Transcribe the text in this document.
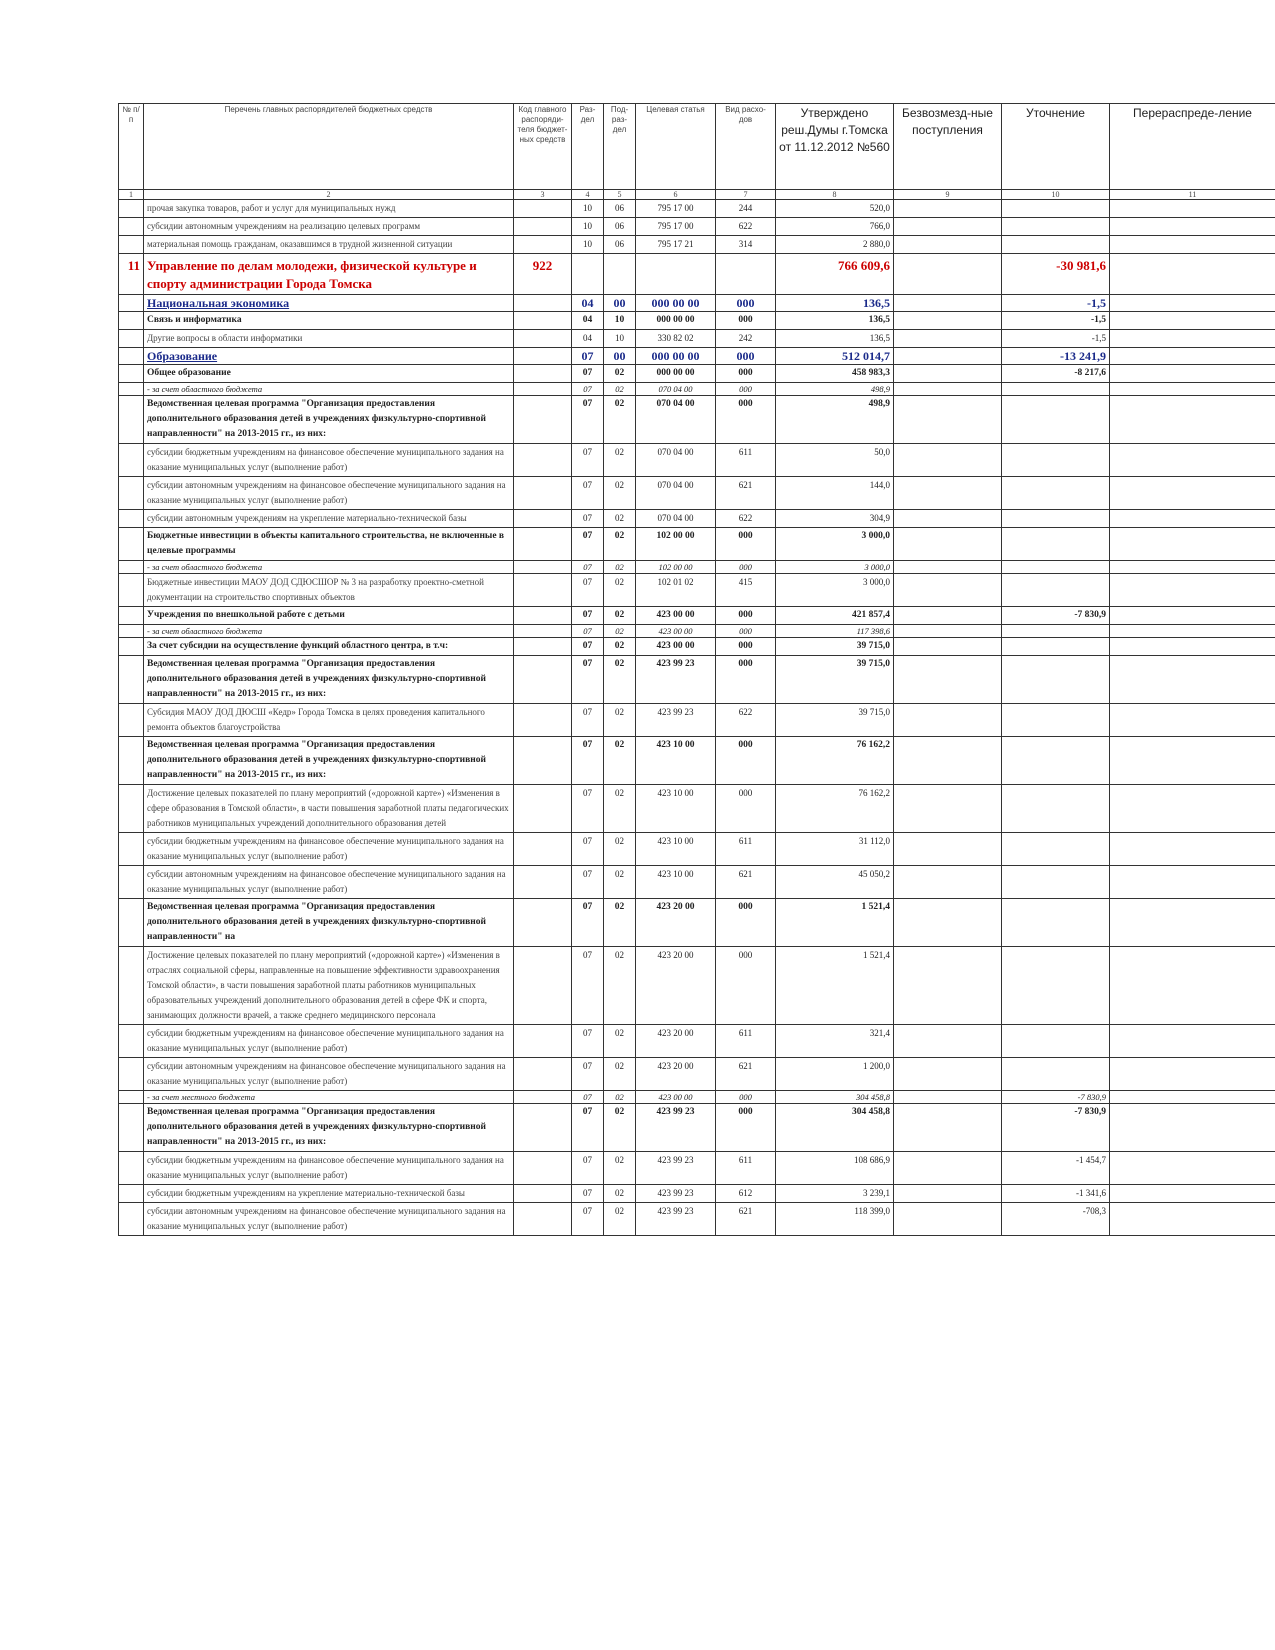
№ п/п	Перечень главных распорядителей бюджетных средств	Код главного распоряди-теля бюджет-ных средств	Раз-дел	Под-раз-дел	Целевая статья	Вид расхо-дов	Утверждено реш.Думы г.Томска от 11.12.2012 №560	Безвозмезд-ные поступления	Уточнение	Перераспреде-ление
1	2	3	4	5	6	7	8	9	10	11
	прочая закупка товаров, работ и услуг для муниципальных нужд		10	06	795 17 00	244	520,0			
	субсидии автономным учреждениям на реализацию целевых программ		10	06	795 17 00	622	766,0			
	материальная помощь гражданам, оказавшимся в трудной жизненной ситуации		10	06	795 17 21	314	2 880,0			
11	Управление по делам молодежи, физической культуре и спорту администрации Города Томска	922					766 609,6		-30 981,6	
	Национальная экономика		04	00	000 00 00	000	136,5		-1,5	
	Связь и информатика		04	10	000 00 00	000	136,5		-1,5	
	Другие вопросы в области информатики		04	10	330 82 02	242	136,5		-1,5	
	Образование		07	00	000 00 00	000	512 014,7		-13 241,9	
	Общее образование		07	02	000 00 00	000	458 983,3		-8 217,6	
	- за счет областного бюджета		07	02	070 04 00	000	498,9			
	Ведомственная целевая программа "Организация предоставления дополнительного образования детей в учреждениях физкультурно-спортивной направленности" на 2013-2015 гг., из них:		07	02	070 04 00	000	498,9			
	субсидии бюджетным учреждениям на финансовое обеспечение муниципального задания на оказание муниципальных услуг (выполнение работ)		07	02	070 04 00	611	50,0			
	субсидии автономным учреждениям на финансовое обеспечение муниципального задания на оказание муниципальных услуг (выполнение работ)		07	02	070 04 00	621	144,0			
	субсидии автономным учреждениям на укрепление материально-технической базы		07	02	070 04 00	622	304,9			
	Бюджетные инвестиции в объекты капитального строительства, не включенные в целевые программы		07	02	102 00 00	000	3 000,0			
	- за счет областного бюджета		07	02	102 00 00	000	3 000,0			
	Бюджетные инвестиции МАОУ ДОД СДЮСШОР № 3 на разработку проектно-сметной документации на строительство спортивных объектов		07	02	102 01 02	415	3 000,0			
	Учреждения по внешкольной работе с детьми		07	02	423 00 00	000	421 857,4		-7 830,9	
	- за счет областного бюджета		07	02	423 00 00	000	117 398,6			
	За счет субсидии на осуществление функций областного центра, в т.ч:		07	02	423 00 00	000	39 715,0			
	Ведомственная целевая программа "Организация предоставления дополнительного образования детей в учреждениях физкультурно-спортивной направленности" на 2013-2015 гг., из них:		07	02	423 99 23	000	39 715,0			
	Субсидия МАОУ ДОД ДЮСШ «Кедр» Города Томска в целях проведения капитального ремонта объектов благоустройства		07	02	423 99 23	622	39 715,0			
	Ведомственная целевая программа "Организация предоставления дополнительного образования детей в учреждениях физкультурно-спортивной направленности" на 2013-2015 гг., из них:		07	02	423 10 00	000	76 162,2			
	Достижение целевых показателей по плану мероприятий («дорожной карте») «Изменения в сфере образования в Томской области», в части повышения заработной платы педагогических работников муниципальных учреждений дополнительного образования детей		07	02	423 10 00	000	76 162,2			
	субсидии бюджетным учреждениям на финансовое обеспечение муниципального задания на оказание муниципальных услуг (выполнение работ)		07	02	423 10 00	611	31 112,0			
	субсидии автономным учреждениям на финансовое обеспечение муниципального задания на оказание муниципальных услуг (выполнение работ)		07	02	423 10 00	621	45 050,2			
	Ведомственная целевая программа "Организация предоставления дополнительного образования детей в учреждениях физкультурно-спортивной направленности" на		07	02	423 20 00	000	1 521,4			
	Достижение целевых показателей по плану мероприятий («дорожной карте») «Изменения в отраслях социальной сферы, направленные на повышение эффективности здравоохранения Томской области», в части повышения заработной платы работников муниципальных образовательных учреждений дополнительного образования детей в сфере ФК и спорта, занимающих должности врачей, а также среднего медицинского персонала		07	02	423 20 00	000	1 521,4			
	субсидии бюджетным учреждениям на финансовое обеспечение муниципального задания на оказание муниципальных услуг (выполнение работ)		07	02	423 20 00	611	321,4			
	субсидии автономным учреждениям на финансовое обеспечение муниципального задания на оказание муниципальных услуг (выполнение работ)		07	02	423 20 00	621	1 200,0			
	- за счет местного бюджета		07	02	423 00 00	000	304 458,8		-7 830,9	
	Ведомственная целевая программа "Организация предоставления дополнительного образования детей в учреждениях физкультурно-спортивной направленности" на 2013-2015 гг., из них:		07	02	423 99 23	000	304 458,8		-7 830,9	
	субсидии бюджетным учреждениям на финансовое обеспечение муниципального задания на оказание муниципальных услуг (выполнение работ)		07	02	423 99 23	611	108 686,9		-1 454,7	
	субсидии бюджетным учреждениям на укрепление материально-технической базы		07	02	423 99 23	612	3 239,1		-1 341,6	
	субсидии автономным учреждениям на финансовое обеспечение муниципального задания на оказание муниципальных услуг (выполнение работ)		07	02	423 99 23	621	118 399,0		-708,3	
